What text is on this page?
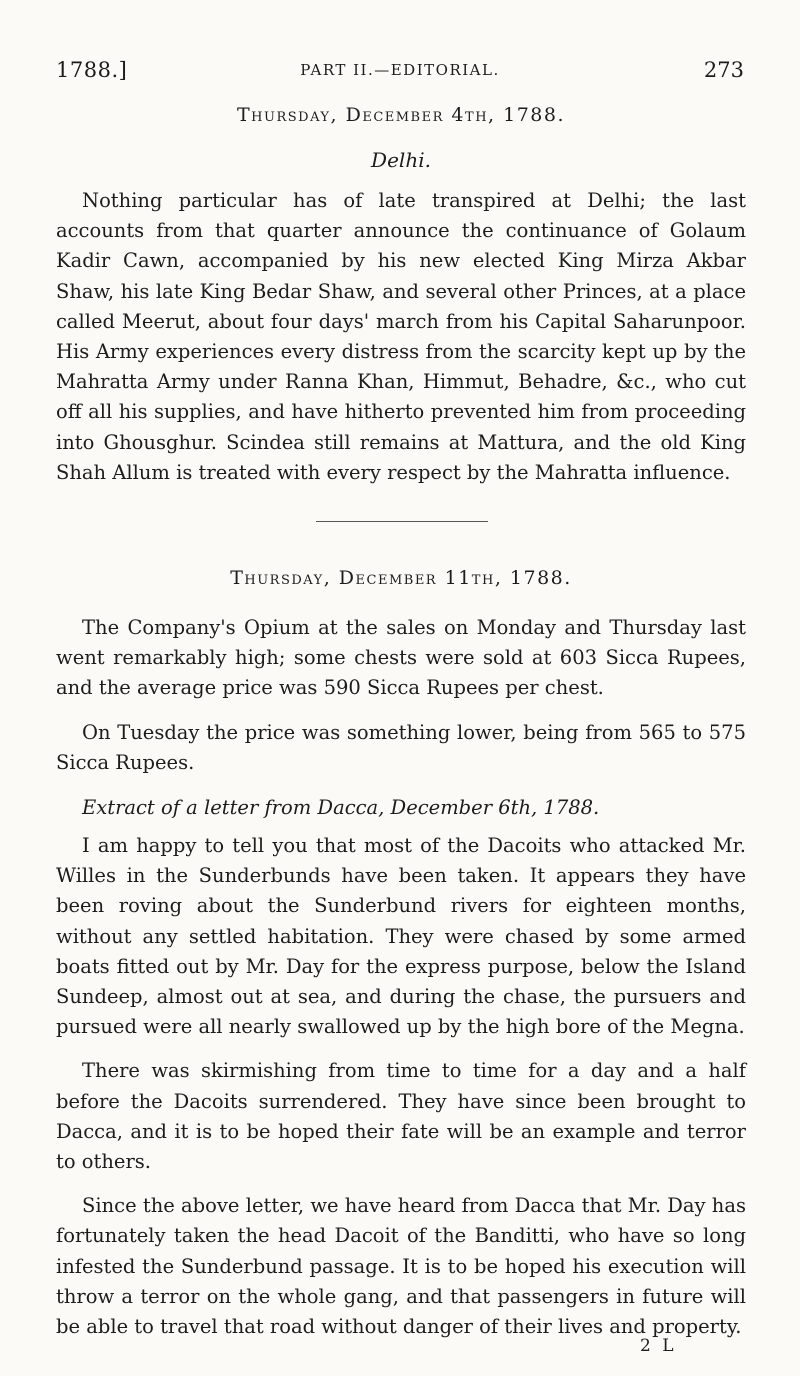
1788.]	PART II.—EDITORIAL.	273
Thursday, December 4th, 1788.
Delhi.

Nothing particular has of late transpired at Delhi; the last accounts from that quarter announce the continuance of Golaum Kadir Cawn, accompanied by his new elected King Mirza Akbar Shaw, his late King Bedar Shaw, and several other Princes, at a place called Meerut, about four days' march from his Capital Saharunpoor. His Army experiences every distress from the scarcity kept up by the Mahratta Army under Ranna Khan, Himmut, Behadre, &c., who cut off all his supplies, and have hitherto prevented him from proceeding into Ghousghur. Scindea still remains at Mattura, and the old King Shah Allum is treated with every respect by the Mahratta influence.

Thursday, December 11th, 1788.

The Company's Opium at the sales on Monday and Thursday last went remarkably high; some chests were sold at 603 Sicca Rupees, and the average price was 590 Sicca Rupees per chest.

On Tuesday the price was something lower, being from 565 to 575 Sicca Rupees.

Extract of a letter from Dacca, December 6th, 1788.

I am happy to tell you that most of the Dacoits who attacked Mr. Willes in the Sunderbunds have been taken. It appears they have been roving about the Sunderbund rivers for eighteen months, without any settled habitation. They were chased by some armed boats fitted out by Mr. Day for the express purpose, below the Island Sundeep, almost out at sea, and during the chase, the pursuers and pursued were all nearly swallowed up by the high bore of the Megna.

There was skirmishing from time to time for a day and a half before the Dacoits surrendered. They have since been brought to Dacca, and it is to be hoped their fate will be an example and terror to others.

Since the above letter, we have heard from Dacca that Mr. Day has fortunately taken the head Dacoit of the Banditti, who have so long infested the Sunderbund passage. It is to be hoped his execution will throw a terror on the whole gang, and that passengers in future will be able to travel that road without danger of their lives and property.

2 L
